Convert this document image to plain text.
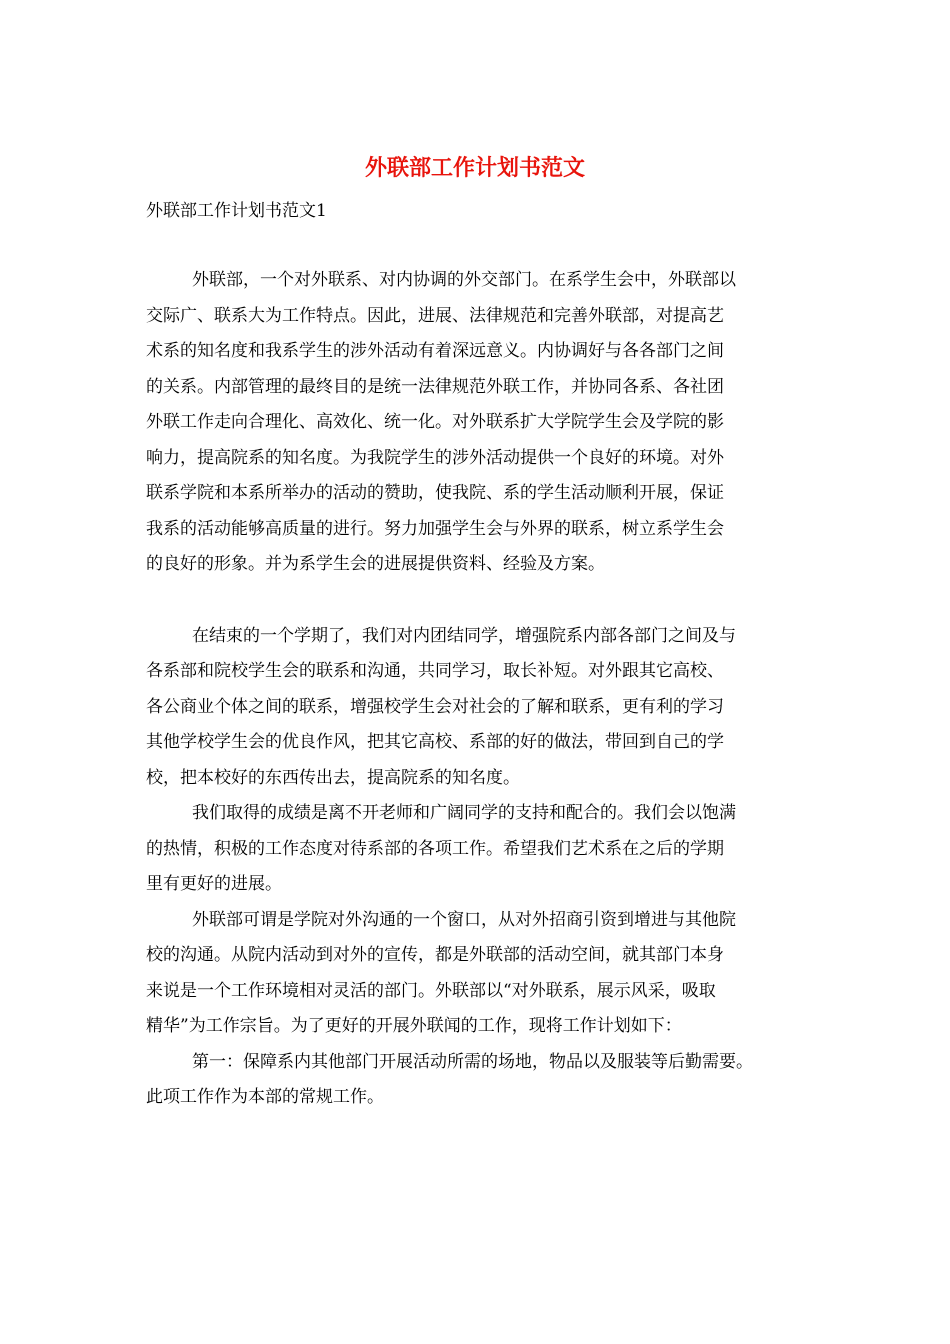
外联部工作计划书范文

外联部工作计划书范文1

外联部，一个对外联系、对内协调的外交部门。在系学生会中，外联部以
交际广、联系大为工作特点。因此，进展、法律规范和完善外联部，对提高艺
术系的知名度和我系学生的涉外活动有着深远意义。内协调好与各各部门之间
的关系。内部管理的最终目的是统一法律规范外联工作，并协同各系、各社团
外联工作走向合理化、高效化、统一化。对外联系扩大学院学生会及学院的影
响力，提高院系的知名度。为我院学生的涉外活动提供一个良好的环境。对外
联系学院和本系所举办的活动的赞助，使我院、系的学生活动顺利开展，保证
我系的活动能够高质量的进行。努力加强学生会与外界的联系，树立系学生会
的良好的形象。并为系学生会的进展提供资料、经验及方案。

在结束的一个学期了，我们对内团结同学，增强院系内部各部门之间及与
各系部和院校学生会的联系和沟通，共同学习，取长补短。对外跟其它高校、
各公商业个体之间的联系，增强校学生会对社会的了解和联系，更有利的学习
其他学校学生会的优良作风，把其它高校、系部的好的做法，带回到自己的学
校，把本校好的东西传出去，提高院系的知名度。

我们取得的成绩是离不开老师和广阔同学的支持和配合的。我们会以饱满
的热情，积极的工作态度对待系部的各项工作。希望我们艺术系在之后的学期
里有更好的进展。

外联部可谓是学院对外沟通的一个窗口，从对外招商引资到增进与其他院
校的沟通。从院内活动到对外的宣传，都是外联部的活动空间，就其部门本身
来说是一个工作环境相对灵活的部门。外联部以“对外联系，展示风采，吸取
精华”为工作宗旨。为了更好的开展外联闻的工作，现将工作计划如下：

第一：保障系内其他部门开展活动所需的场地，物品以及服装等后勤需要。
此项工作作为本部的常规工作。
